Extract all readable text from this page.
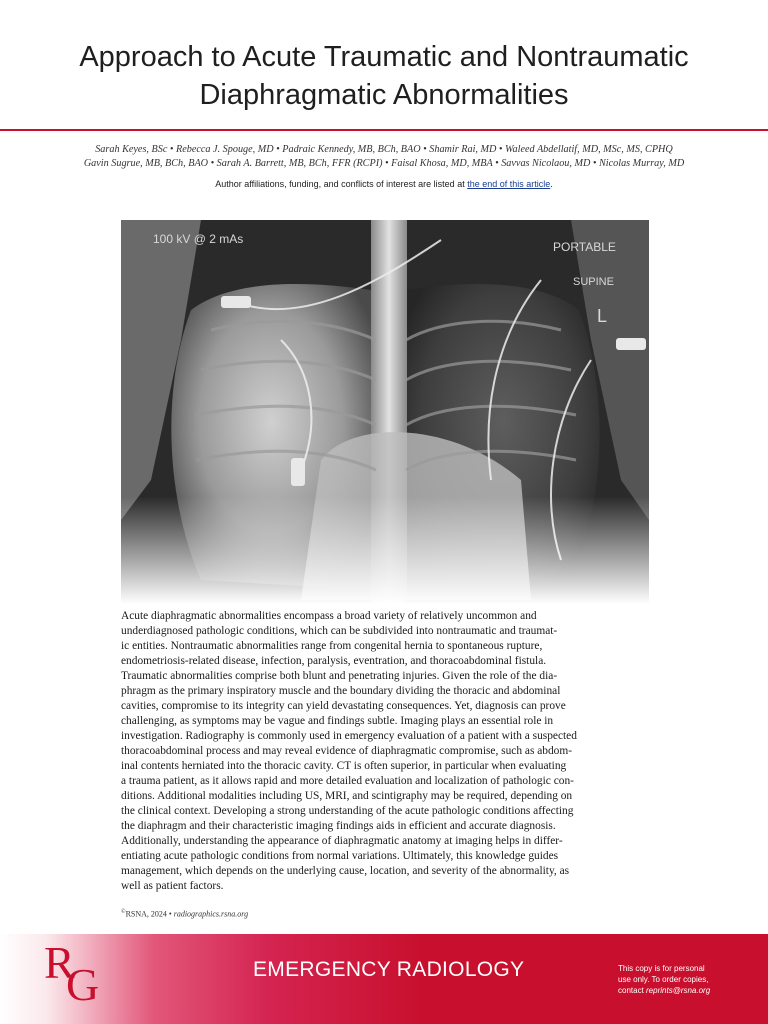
Approach to Acute Traumatic and Nontraumatic
Diaphragmatic Abnormalities
Sarah Keyes, BSc • Rebecca J. Spouge, MD • Padraic Kennedy, MB, BCh, BAO • Shamir Rai, MD • Waleed Abdellatif, MD, MSc, MS, CPHQ
Gavin Sugrue, MB, BCh, BAO • Sarah A. Barrett, MB, BCh, FFR (RCPI) • Faisal Khosa, MD, MBA • Savvas Nicolaou, MD • Nicolas Murray, MD
Author affiliations, funding, and conflicts of interest are listed at the end of this article.
100 kV @ 2 mAs
PORTABLE
SUPINE
L
Acute diaphragmatic abnormalities encompass a broad variety of relatively uncommon and
underdiagnosed pathologic conditions, which can be subdivided into nontraumatic and traumat-
ic entities. Nontraumatic abnormalities range from congenital hernia to spontaneous rupture,
endometriosis-related disease, infection, paralysis, eventration, and thoracoabdominal fistula.
Traumatic abnormalities comprise both blunt and penetrating injuries. Given the role of the dia-
phragm as the primary inspiratory muscle and the boundary dividing the thoracic and abdominal
cavities, compromise to its integrity can yield devastating consequences. Yet, diagnosis can prove
challenging, as symptoms may be vague and findings subtle. Imaging plays an essential role in
investigation. Radiography is commonly used in emergency evaluation of a patient with a suspected
thoracoabdominal process and may reveal evidence of diaphragmatic compromise, such as abdom-
inal contents herniated into the thoracic cavity. CT is often superior, in particular when evaluating
a trauma patient, as it allows rapid and more detailed evaluation and localization of pathologic con-
ditions. Additional modalities including US, MRI, and scintigraphy may be required, depending on
the clinical context. Developing a strong understanding of the acute pathologic conditions affecting
the diaphragm and their characteristic imaging findings aids in efficient and accurate diagnosis.
Additionally, understanding the appearance of diaphragmatic anatomy at imaging helps in differ-
entiating acute pathologic conditions from normal variations. Ultimately, this knowledge guides
management, which depends on the underlying cause, location, and severity of the abnormality, as
well as patient factors.
©RSNA, 2024 • radiographics.rsna.org
R
G	EMERGENCY RADIOLOGY	This copy is for personal
use only. To order copies,
contact reprints@rsna.org
